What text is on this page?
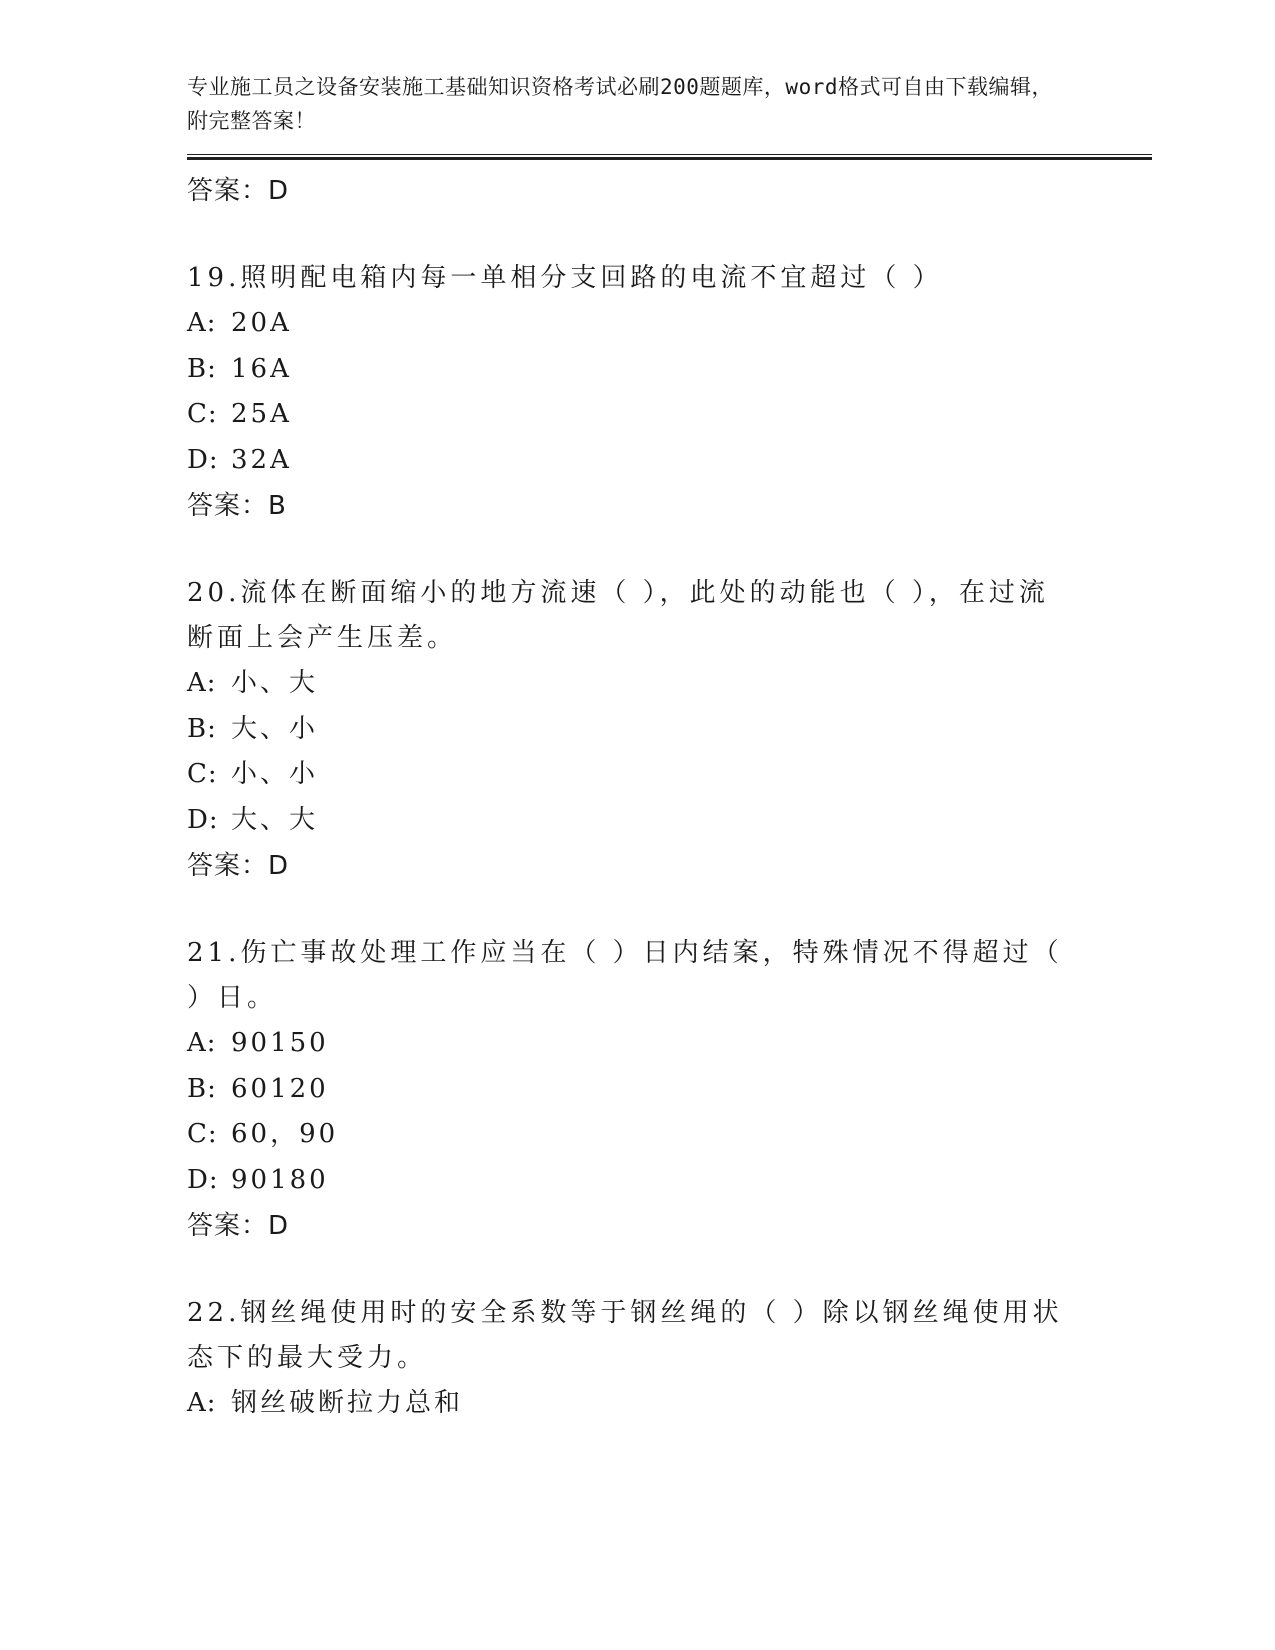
专业施工员之设备安装施工基础知识资格考试必刷200题题库，word格式可自由下载编辑，附完整答案！
答案：D
19.照明配电箱内每一单相分支回路的电流不宜超过（ ）
A: 20A
B: 16A
C: 25A
D: 32A
答案：B
20.流体在断面缩小的地方流速（ ），此处的动能也（ ），在过流断面上会产生压差。
A: 小、大
B: 大、小
C: 小、小
D: 大、大
答案：D
21.伤亡事故处理工作应当在（ ）日内结案，特殊情况不得超过（ ）日。
A: 90150
B: 60120
C: 60，90
D: 90180
答案：D
22.钢丝绳使用时的安全系数等于钢丝绳的（ ）除以钢丝绳使用状态下的最大受力。
A: 钢丝破断拉力总和
